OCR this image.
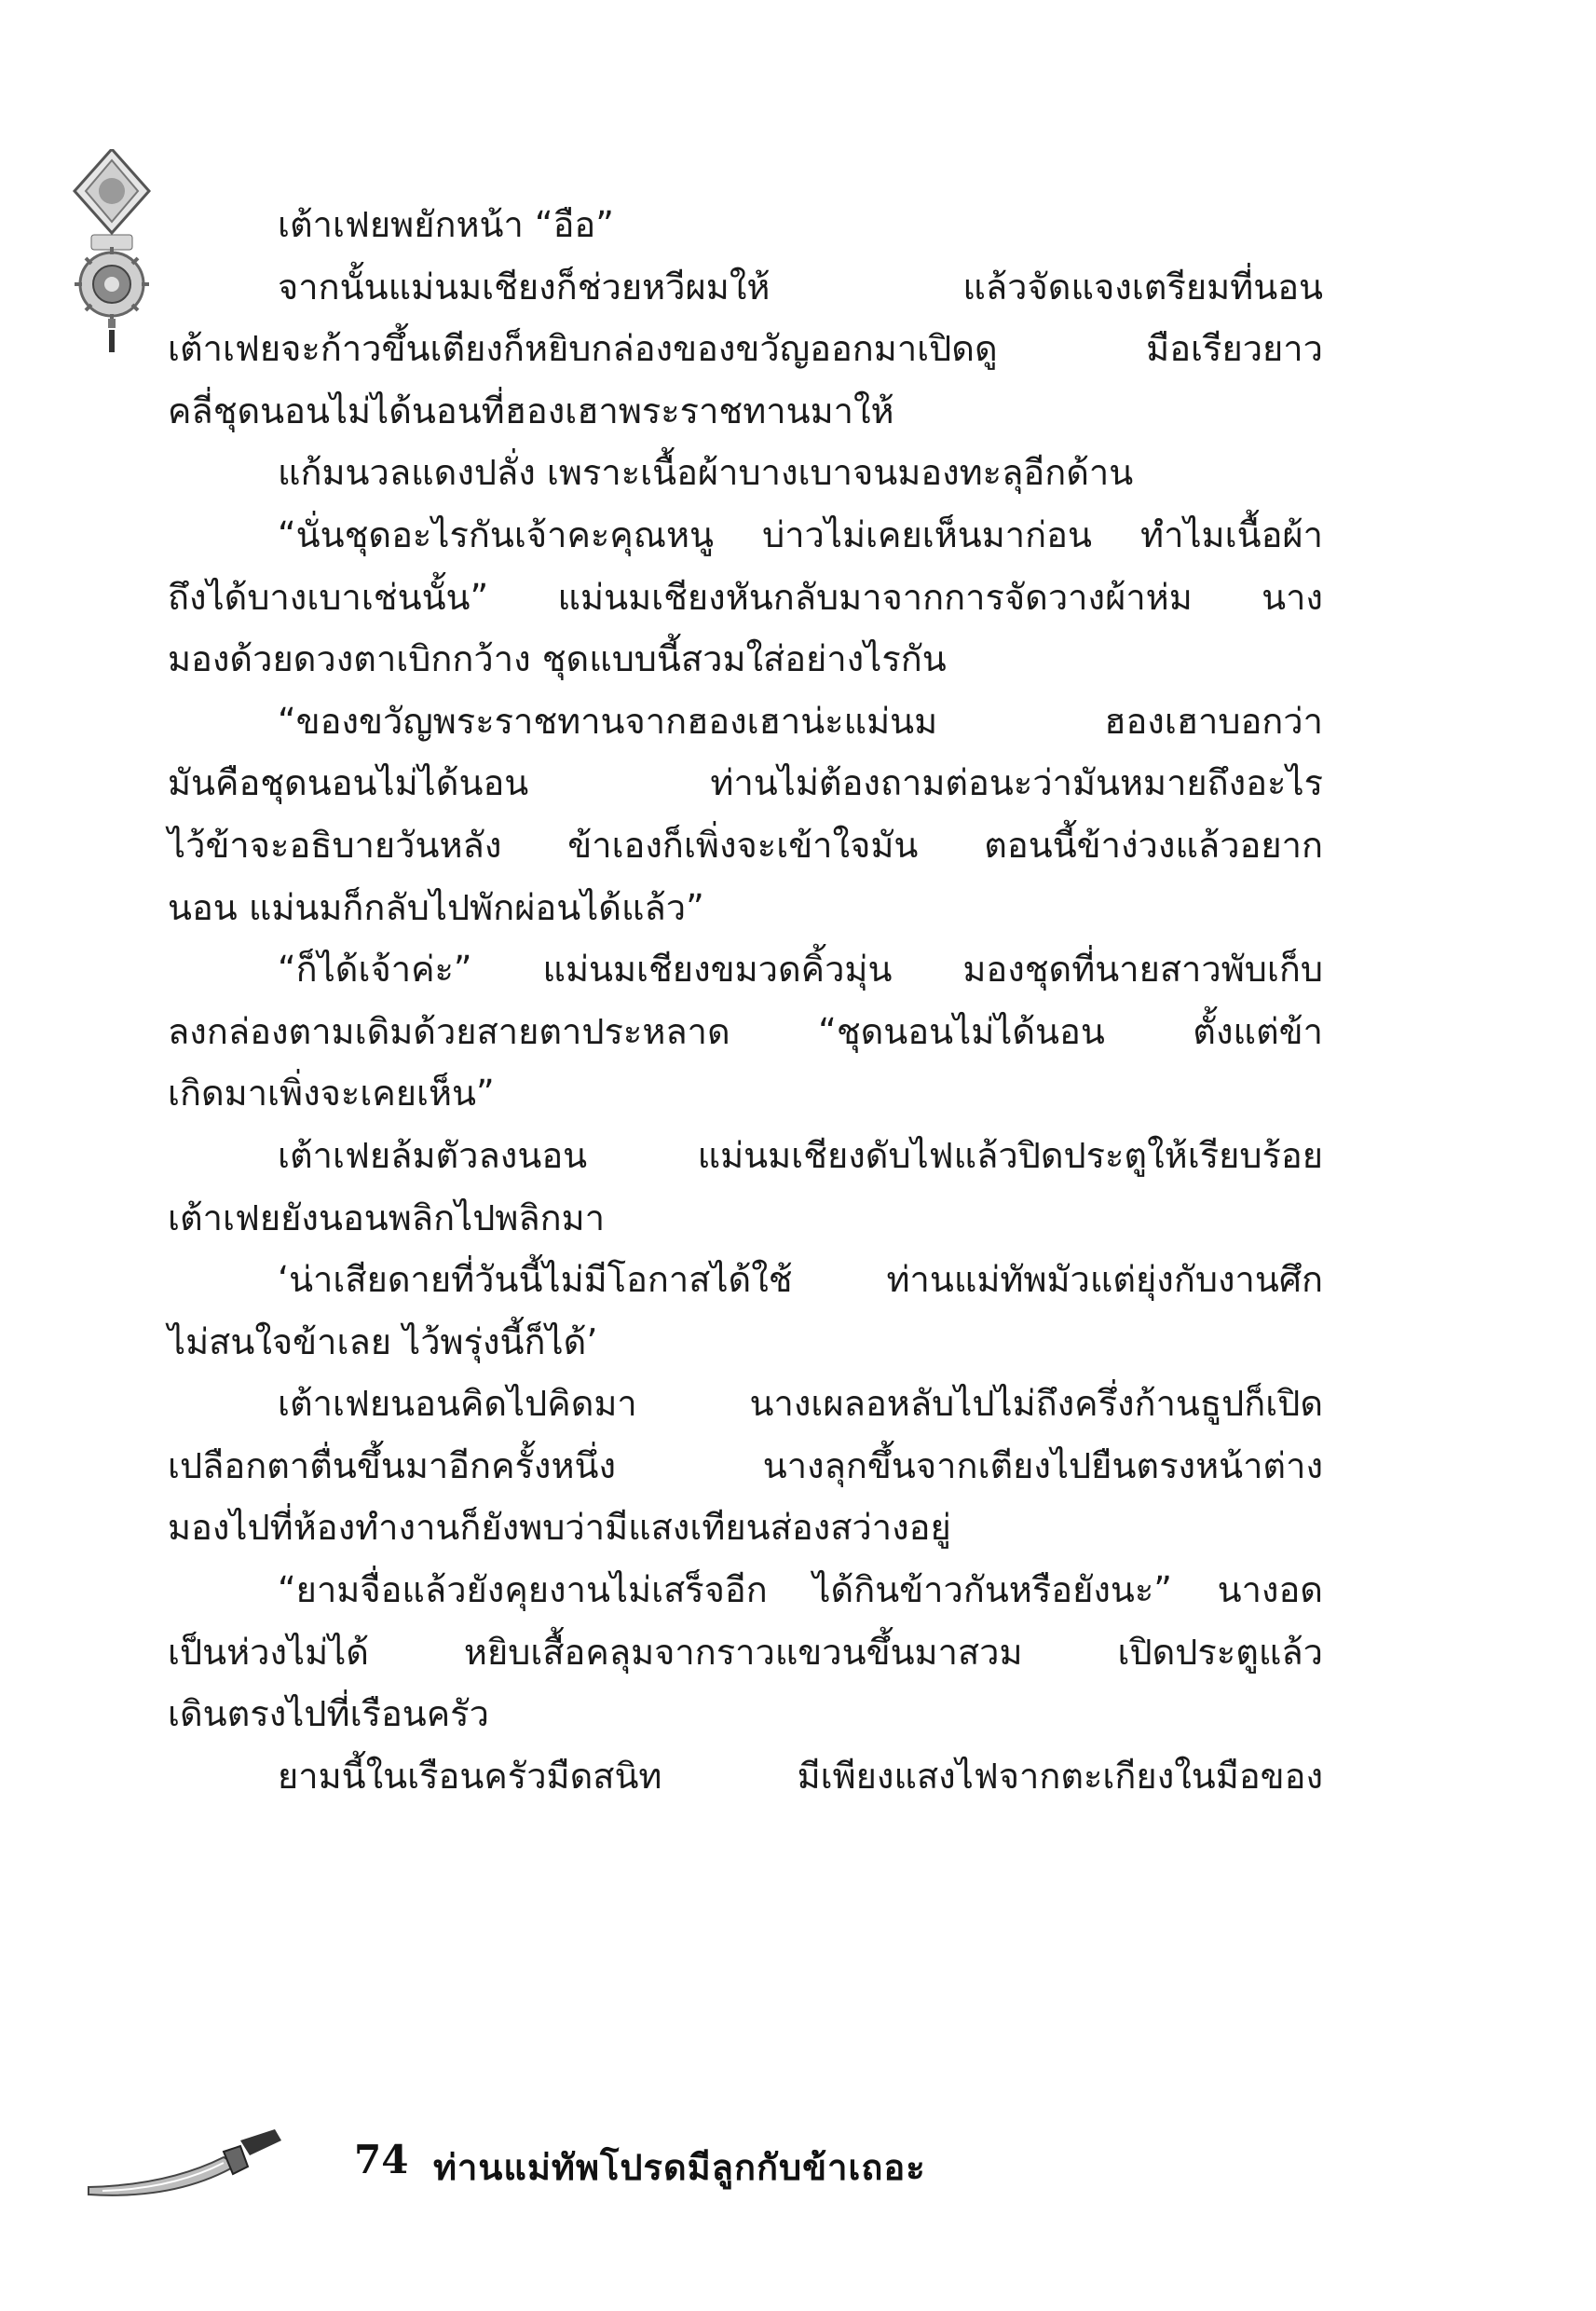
เต้าเฟยพยักหน้า “อือ”
จากนั้นแม่นมเชียงก็ช่วยหวีผมให้ แล้วจัดแจงเตรียมที่นอน
เต้าเฟยจะก้าวขึ้นเตียงก็หยิบกล่องของขวัญออกมาเปิดดู มือเรียวยาว
คลี่ชุดนอนไม่ได้นอนที่ฮองเฮาพระราชทานมาให้
แก้มนวลแดงปลั่ง เพราะเนื้อผ้าบางเบาจนมองทะลุอีกด้าน
“นั่นชุดอะไรกันเจ้าคะคุณหนู บ่าวไม่เคยเห็นมาก่อน ทำไมเนื้อผ้า
ถึงได้บางเบาเช่นนั้น” แม่นมเชียงหันกลับมาจากการจัดวางผ้าห่ม นาง
มองด้วยดวงตาเบิกกว้าง ชุดแบบนี้สวมใส่อย่างไรกัน
“ของขวัญพระราชทานจากฮองเฮาน่ะแม่นม ฮองเฮาบอกว่า
มันคือชุดนอนไม่ได้นอน ท่านไม่ต้องถามต่อนะว่ามันหมายถึงอะไร
ไว้ข้าจะอธิบายวันหลัง ข้าเองก็เพิ่งจะเข้าใจมัน ตอนนี้ข้าง่วงแล้วอยาก
นอน แม่นมก็กลับไปพักผ่อนได้แล้ว”
“ก็ได้เจ้าค่ะ” แม่นมเชียงขมวดคิ้วมุ่น มองชุดที่นายสาวพับเก็บ
ลงกล่องตามเดิมด้วยสายตาประหลาด “ชุดนอนไม่ได้นอน ตั้งแต่ข้า
เกิดมาเพิ่งจะเคยเห็น”
เต้าเฟยล้มตัวลงนอน แม่นมเชียงดับไฟแล้วปิดประตูให้เรียบร้อย
เต้าเฟยยังนอนพลิกไปพลิกมา
‘น่าเสียดายที่วันนี้ไม่มีโอกาสได้ใช้ ท่านแม่ทัพมัวแต่ยุ่งกับงานศึก
ไม่สนใจข้าเลย ไว้พรุ่งนี้ก็ได้’
เต้าเฟยนอนคิดไปคิดมา นางเผลอหลับไปไม่ถึงครึ่งก้านธูปก็เปิด
เปลือกตาตื่นขึ้นมาอีกครั้งหนึ่ง นางลุกขึ้นจากเตียงไปยืนตรงหน้าต่าง
มองไปที่ห้องทำงานก็ยังพบว่ามีแสงเทียนส่องสว่างอยู่
“ยามจื่อแล้วยังคุยงานไม่เสร็จอีก ได้กินข้าวกันหรือยังนะ” นางอด
เป็นห่วงไม่ได้ หยิบเสื้อคลุมจากราวแขวนขึ้นมาสวม เปิดประตูแล้ว
เดินตรงไปที่เรือนครัว
ยามนี้ในเรือนครัวมืดสนิท มีเพียงแสงไฟจากตะเกียงในมือของ
74 ท่านแม่ทัพโปรดมีลูกกับข้าเถอะ
